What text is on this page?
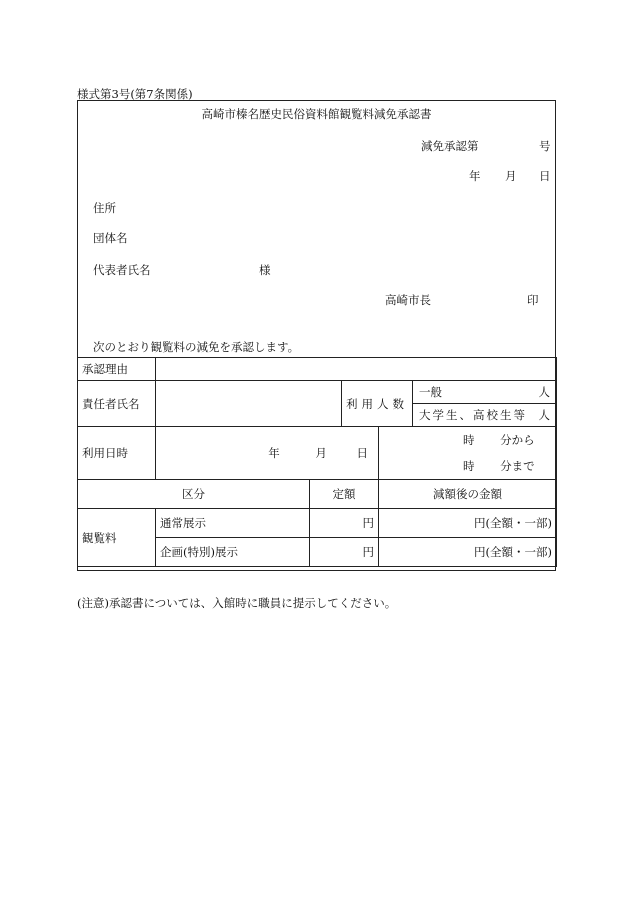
様式第3号(第7条関係)
高崎市榛名歴史民俗資料館観覧料減免承認書
減免承認第	号
年 月 日
住所
団体名
代表者氏名	様
高崎市長	印
次のとおり観覧料の減免を承認します。
承認理由					
責任者氏名			利用人数		一般 人

					大学生、高校生等 人

利用日時	年 月 日			時 分から	
				時 分まで	
区分		定額		減額後の金額	
観覧料	通常展示	円		円(全額・一部)	
	企画(特別)展示	円		円(全額・一部)	
(注意)承認書については、入館時に職員に提示してください。
